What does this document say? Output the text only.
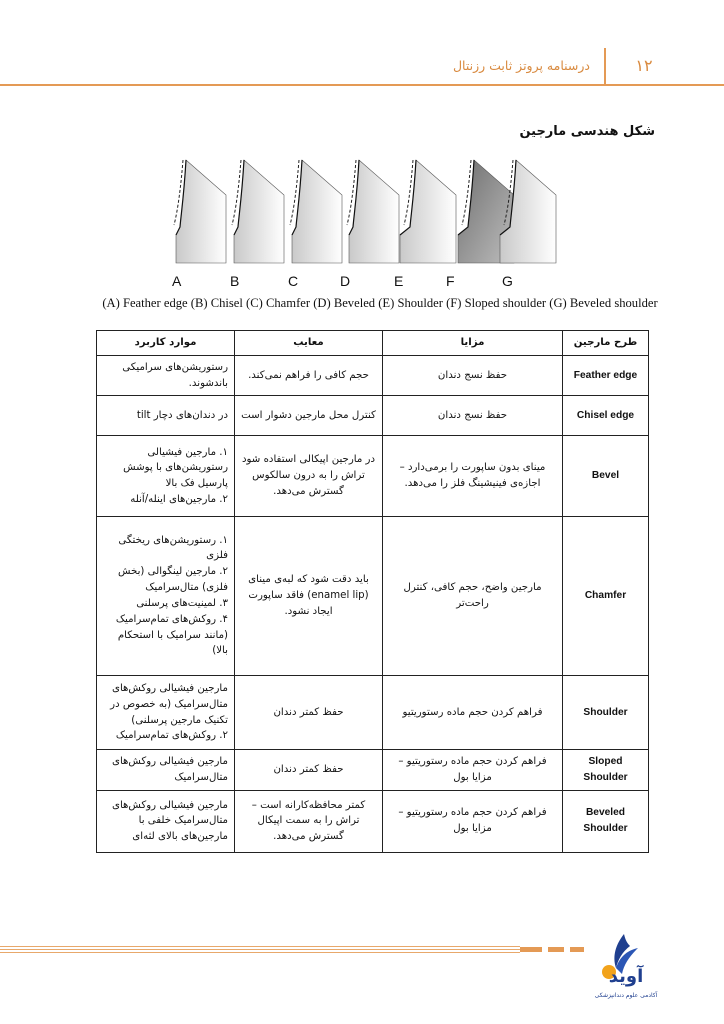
۱۲
درسنامه پروتز ثابت رزنتال
شکل هندسی مارجین
A	B	C	D	E	F	G
(A) Feather edge (B) Chisel (C) Chamfer (D) Beveled (E) Shoulder (F) Sloped shoulder (G) Beveled shoulder
طرح مارجین	مزایا	معایب	موارد کاربرد
Feather edge	حفظ نسج دندان	حجم کافی را فراهم نمی‌کند.	رستوریشن‌های سرامیکی باندشوند.

Chisel edge	حفظ نسج دندان	کنترل محل مارجین دشوار است	در دندان‌های دچار tilt

Bevel	مینای بدون ساپورت را برمی‌دارد – اجازه‌ی فینیشینگ فلز را می‌دهد.	در مارجین اپیکالی استفاده شود تراش را به درون سالکوس گسترش می‌دهد.	۱. مارجین فیشیالی رستوریشن‌های با پوشش پارسیل فک بالا
۲. مارجین‌های اینله/آنله

Chamfer	مارجین واضح، حجم کافی، کنترل راحت‌تر	باید دقت شود که لبه‌ی مینای (enamel lip) فاقد ساپورت ایجاد نشود.	۱. رستوریشن‌های ریختگی فلزی
۲. مارجین لینگوالی (بخش فلزی) متال‌سرامیک
۳. لمینیت‌های پرسلنی
۴. روکش‌های تمام‌سرامیک (مانند سرامیک با استحکام بالا)

Shoulder	فراهم کردن حجم ماده رستوریتیو	حفظ کمتر دندان	مارجین فیشیالی روکش‌های متال‌سرامیک (به خصوص در تکنیک مارجین پرسلنی)
۲. روکش‌های تمام‌سرامیک

Sloped Shoulder	فراهم کردن حجم ماده رستوریتیو – مزایا بول	حفظ کمتر دندان	مارجین فیشیالی روکش‌های متال‌سرامیک

Beveled Shoulder	فراهم کردن حجم ماده رستوریتیو – مزایا بول	کمتر محافظه‌کارانه است – تراش را به سمت اپیکال گسترش می‌دهد.	مارجین فیشیالی روکش‌های متال‌سرامیک خلفی با مارجین‌های بالای لثه‌ای
آوید
آکادمی علوم دندانپزشکی
